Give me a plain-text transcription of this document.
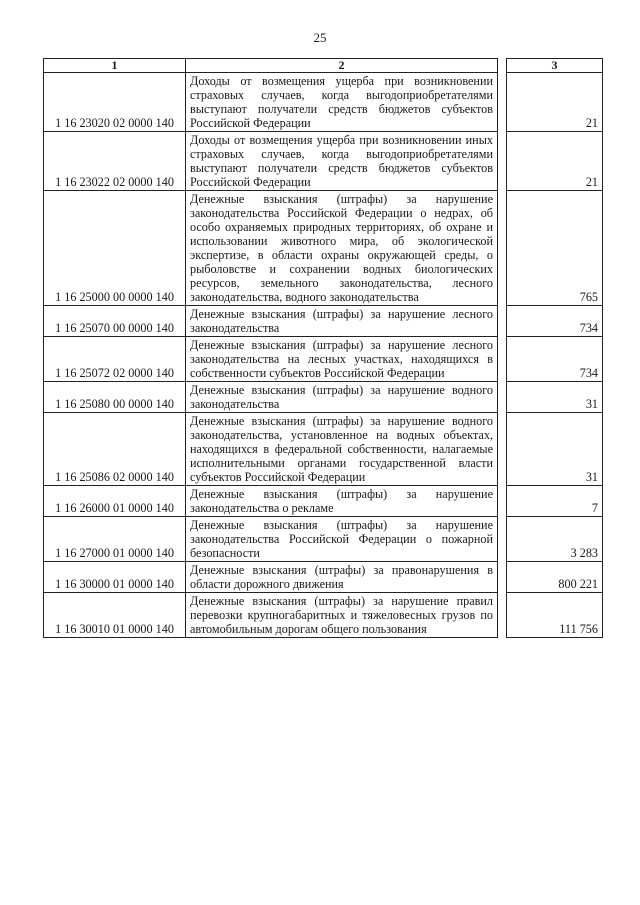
25
1	2		3
1 16 23020 02 0000 140	Доходы от возмещения ущерба при возникновении страховых случаев, когда выгодоприобретателями выступают получатели средств бюджетов субъектов Российской Федерации		21
1 16 23022 02 0000 140	Доходы от возмещения ущерба при возникновении иных страховых случаев, когда выгодоприобретателями выступают получатели средств бюджетов субъектов Российской Федерации		21
1 16 25000 00 0000 140	Денежные взыскания (штрафы) за нарушение законодательства Российской Федерации о недрах, об особо охраняемых природных территориях, об охране и использовании животного мира, об экологической экспертизе, в области охраны окружающей среды, о рыболовстве и сохранении водных биологических ресурсов, земельного законодательства, лесного законодательства, водного законодательства		765
1 16 25070 00 0000 140	Денежные взыскания (штрафы) за нарушение лесного законодательства		734
1 16 25072 02 0000 140	Денежные взыскания (штрафы) за нарушение лесного законодательства на лесных участках, находящихся в собственности субъектов Российской Федерации		734
1 16 25080 00 0000 140	Денежные взыскания (штрафы) за нарушение водного законодательства		31
1 16 25086 02 0000 140	Денежные взыскания (штрафы) за нарушение водного законодательства, установленное на водных объектах, находящихся в федеральной собственности, налагаемые исполнительными органами государственной власти субъектов Российской Федерации		31
1 16 26000 01 0000 140	Денежные взыскания (штрафы) за нарушение законодательства о рекламе		7
1 16 27000 01 0000 140	Денежные взыскания (штрафы) за нарушение законодательства Российской Федерации о пожарной безопасности		3 283
1 16 30000 01 0000 140	Денежные взыскания (штрафы) за правонарушения в области дорожного движения		800 221
1 16 30010 01 0000 140	Денежные взыскания (штрафы) за нарушение правил перевозки крупногабаритных и тяжеловесных грузов по автомобильным дорогам общего пользования		111 756
